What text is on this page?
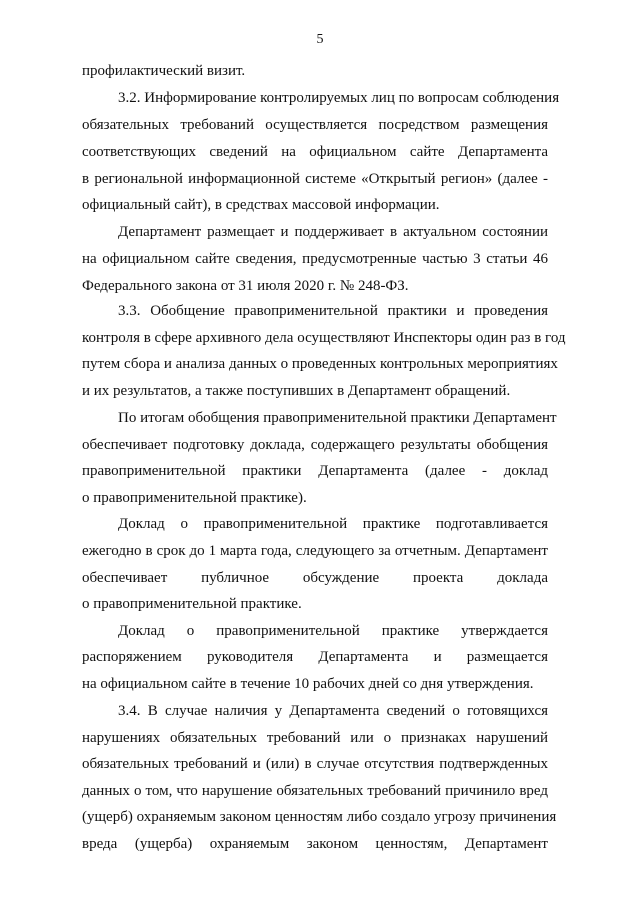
5
профилактический визит.
3.2. Информирование контролируемых лиц по вопросам соблюдения
обязательных требований осуществляется посредством размещения
соответствующих сведений на официальном сайте Департамента
в региональной информационной системе «Открытый регион» (далее -
официальный сайт), в средствах массовой информации.
Департамент размещает и поддерживает в актуальном состоянии
на официальном сайте сведения, предусмотренные частью 3 статьи 46
Федерального закона от 31 июля 2020 г. № 248-ФЗ.
3.3. Обобщение правоприменительной практики и проведения
контроля в сфере архивного дела осуществляют Инспекторы один раз в год
путем сбора и анализа данных о проведенных контрольных мероприятиях
и их результатов, а также поступивших в Департамент обращений.
По итогам обобщения правоприменительной практики Департамент
обеспечивает подготовку доклада, содержащего результаты обобщения
правоприменительной практики Департамента (далее - доклад
о правоприменительной практике).
Доклад о правоприменительной практике подготавливается
ежегодно в срок до 1 марта года, следующего за отчетным. Департамент
обеспечивает публичное обсуждение проекта доклада
о правоприменительной практике.
Доклад о правоприменительной практике утверждается
распоряжением руководителя Департамента и размещается
на официальном сайте в течение 10 рабочих дней со дня утверждения.
3.4. В случае наличия у Департамента сведений о готовящихся
нарушениях обязательных требований или о признаках нарушений
обязательных требований и (или) в случае отсутствия подтвержденных
данных о том, что нарушение обязательных требований причинило вред
(ущерб) охраняемым законом ценностям либо создало угрозу причинения
вреда (ущерба) охраняемым законом ценностям, Департамент
